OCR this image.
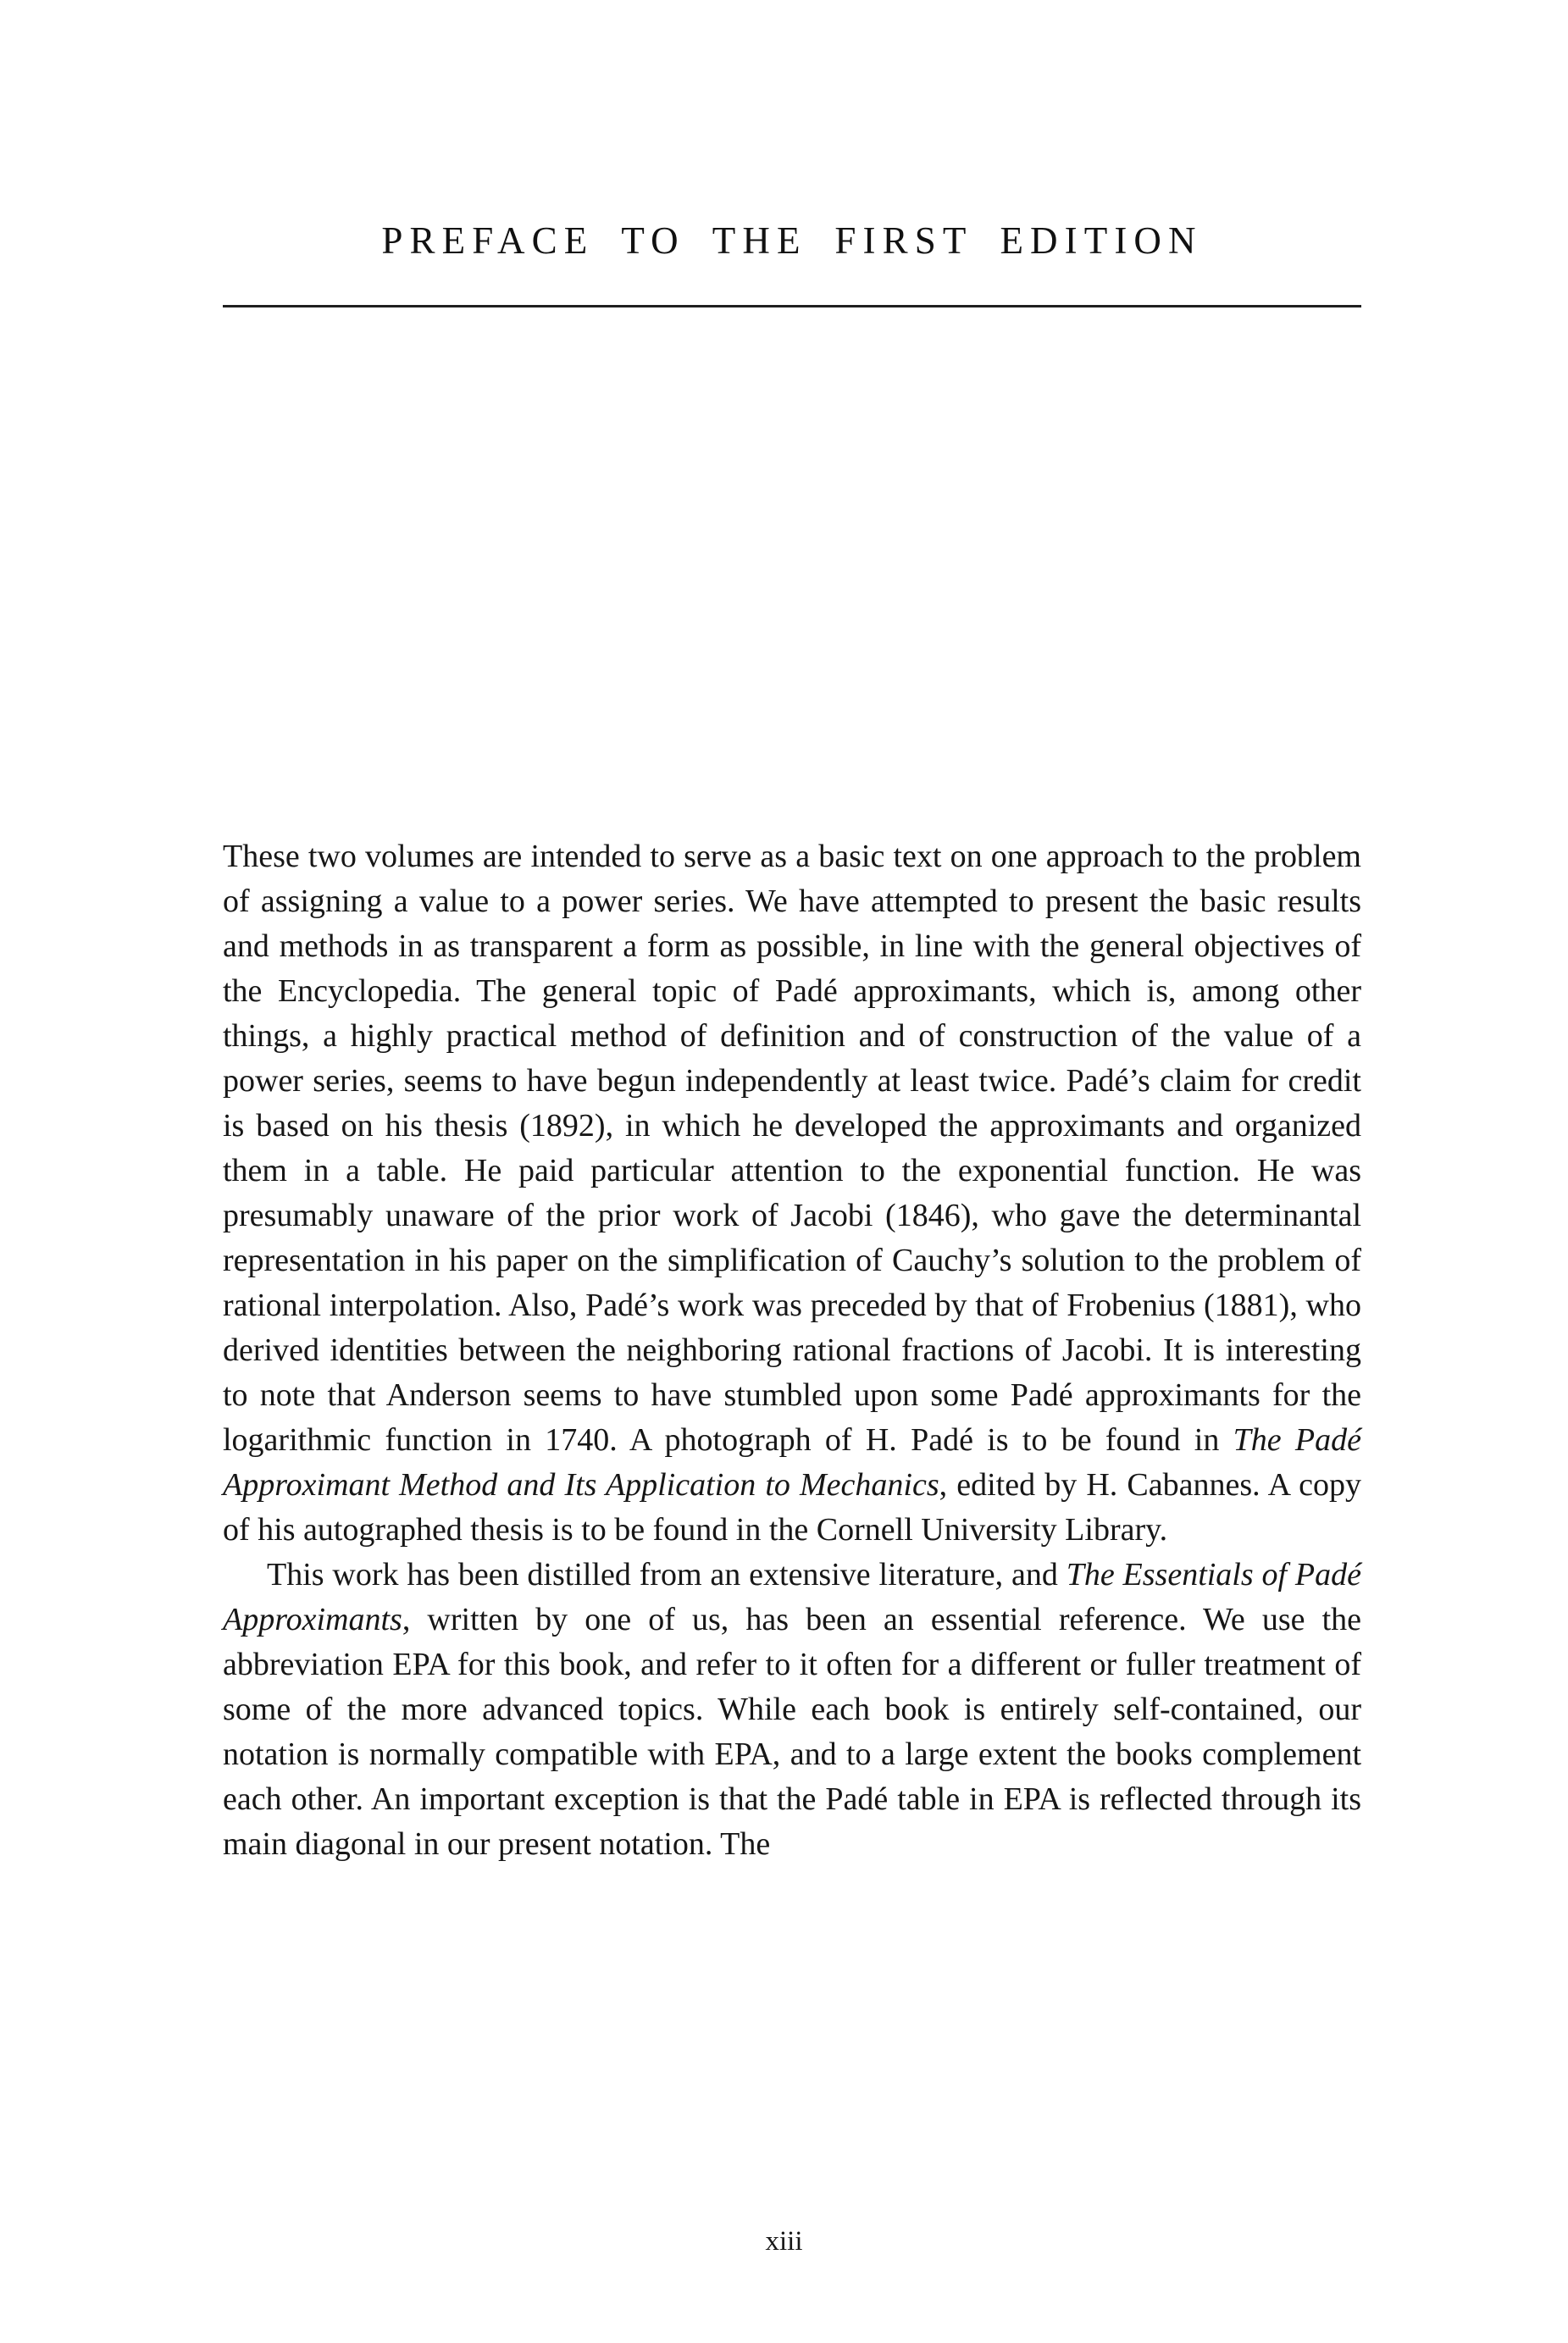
PREFACE TO THE FIRST EDITION

These two volumes are intended to serve as a basic text on one approach to the problem of assigning a value to a power series. We have attempted to present the basic results and methods in as transparent a form as possible, in line with the general objectives of the Encyclopedia. The general topic of Padé approximants, which is, among other things, a highly practical method of definition and of construction of the value of a power series, seems to have begun independently at least twice. Padé’s claim for credit is based on his thesis (1892), in which he developed the approximants and organized them in a table. He paid particular attention to the exponential function. He was presumably unaware of the prior work of Jacobi (1846), who gave the determinantal representation in his paper on the simplification of Cauchy’s solution to the problem of rational interpolation. Also, Padé’s work was preceded by that of Frobenius (1881), who derived identities between the neighboring rational fractions of Jacobi. It is interesting to note that Anderson seems to have stumbled upon some Padé approximants for the logarithmic function in 1740. A photograph of H. Padé is to be found in The Padé Approximant Method and Its Application to Mechanics, edited by H. Cabannes. A copy of his autographed thesis is to be found in the Cornell University Library.

This work has been distilled from an extensive literature, and The Essentials of Padé Approximants, written by one of us, has been an essential reference. We use the abbreviation EPA for this book, and refer to it often for a different or fuller treatment of some of the more advanced topics. While each book is entirely self-contained, our notation is normally compatible with EPA, and to a large extent the books complement each other. An important exception is that the Padé table in EPA is reflected through its main diagonal in our present notation. The

xiii
